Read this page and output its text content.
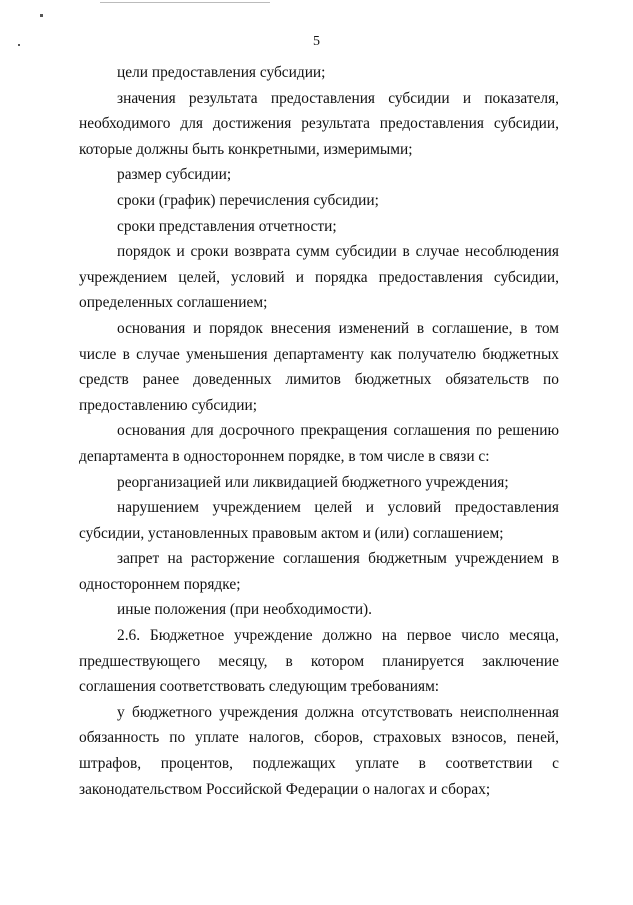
5

цели предоставления субсидии;

значения результата предоставления субсидии и показателя, необходимого для достижения результата предоставления субсидии, которые должны быть конкретными, измеримыми;

размер субсидии;

сроки (график) перечисления субсидии;

сроки представления отчетности;

порядок и сроки возврата сумм субсидии в случае несоблюдения учреждением целей, условий и порядка предоставления субсидии, определенных соглашением;

основания и порядок внесения изменений в соглашение, в том числе в случае уменьшения департаменту как получателю бюджетных средств ранее доведенных лимитов бюджетных обязательств по предоставлению субсидии;

основания для досрочного прекращения соглашения по решению департамента в одностороннем порядке, в том числе в связи с:

реорганизацией или ликвидацией бюджетного учреждения;

нарушением учреждением целей и условий предоставления субсидии, установленных правовым актом и (или) соглашением;

запрет на расторжение соглашения бюджетным учреждением в одностороннем порядке;

иные положения (при необходимости).

2.6. Бюджетное учреждение должно на первое число месяца, предшествующего месяцу, в котором планируется заключение соглашения соответствовать следующим требованиям:

у бюджетного учреждения должна отсутствовать неисполненная обязанность по уплате налогов, сборов, страховых взносов, пеней, штрафов, процентов, подлежащих уплате в соответствии с законодательством Российской Федерации о налогах и сборах;
